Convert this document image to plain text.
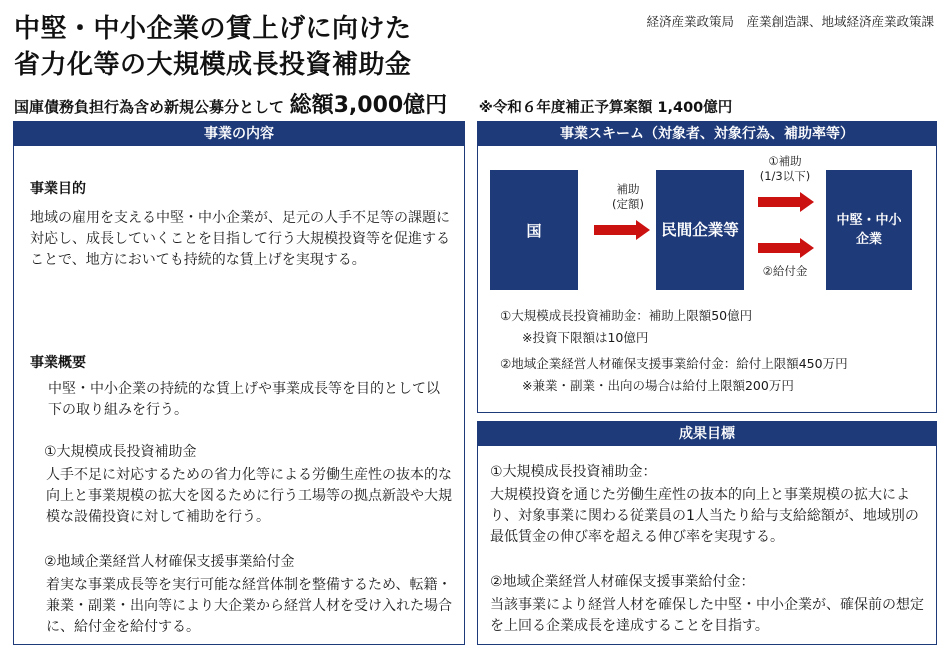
中堅・中小企業の賃上げに向けた
省力化等の大規模成長投資補助金
経済産業政策局　産業創造課、地域経済産業政策課
国庫債務負担行為含め新規公募分として 総額3,000億円 ※令和６年度補正予算案額 1,400億円
事業の内容
事業目的
地域の雇用を支える中堅・中小企業が、足元の人手不足等の課題に対応し、成長していくことを目指して行う大規模投資等を促進することで、地方においても持続的な賃上げを実現する。
事業概要
中堅・中小企業の持続的な賃上げや事業成長等を目的として以下の取り組みを行う。
①大規模成長投資補助金
人手不足に対応するための省力化等による労働生産性の抜本的な向上と事業規模の拡大を図るために行う工場等の拠点新設や大規模な設備投資に対して補助を行う。
②地域企業経営人材確保支援事業給付金
着実な事業成長等を実行可能な経営体制を整備するため、転籍・兼業・副業・出向等により大企業から経営人材を受け入れた場合に、給付金を給付する。
事業スキーム（対象者、対象行為、補助率等）
国
補助
(定額)
民間企業等
①補助
(1/3以下)
②給付金
中堅・中小企業
①大規模成長投資補助金：補助上限額50億円
※投資下限額は10億円
②地域企業経営人材確保支援事業給付金：給付上限額450万円
※兼業・副業・出向の場合は給付上限額200万円
成果目標
①大規模成長投資補助金：
大規模投資を通じた労働生産性の抜本的向上と事業規模の拡大により、対象事業に関わる従業員の1人当たり給与支給総額が、地域別の最低賃金の伸び率を超える伸び率を実現する。
②地域企業経営人材確保支援事業給付金：
当該事業により経営人材を確保した中堅・中小企業が、確保前の想定を上回る企業成長を達成することを目指す。
